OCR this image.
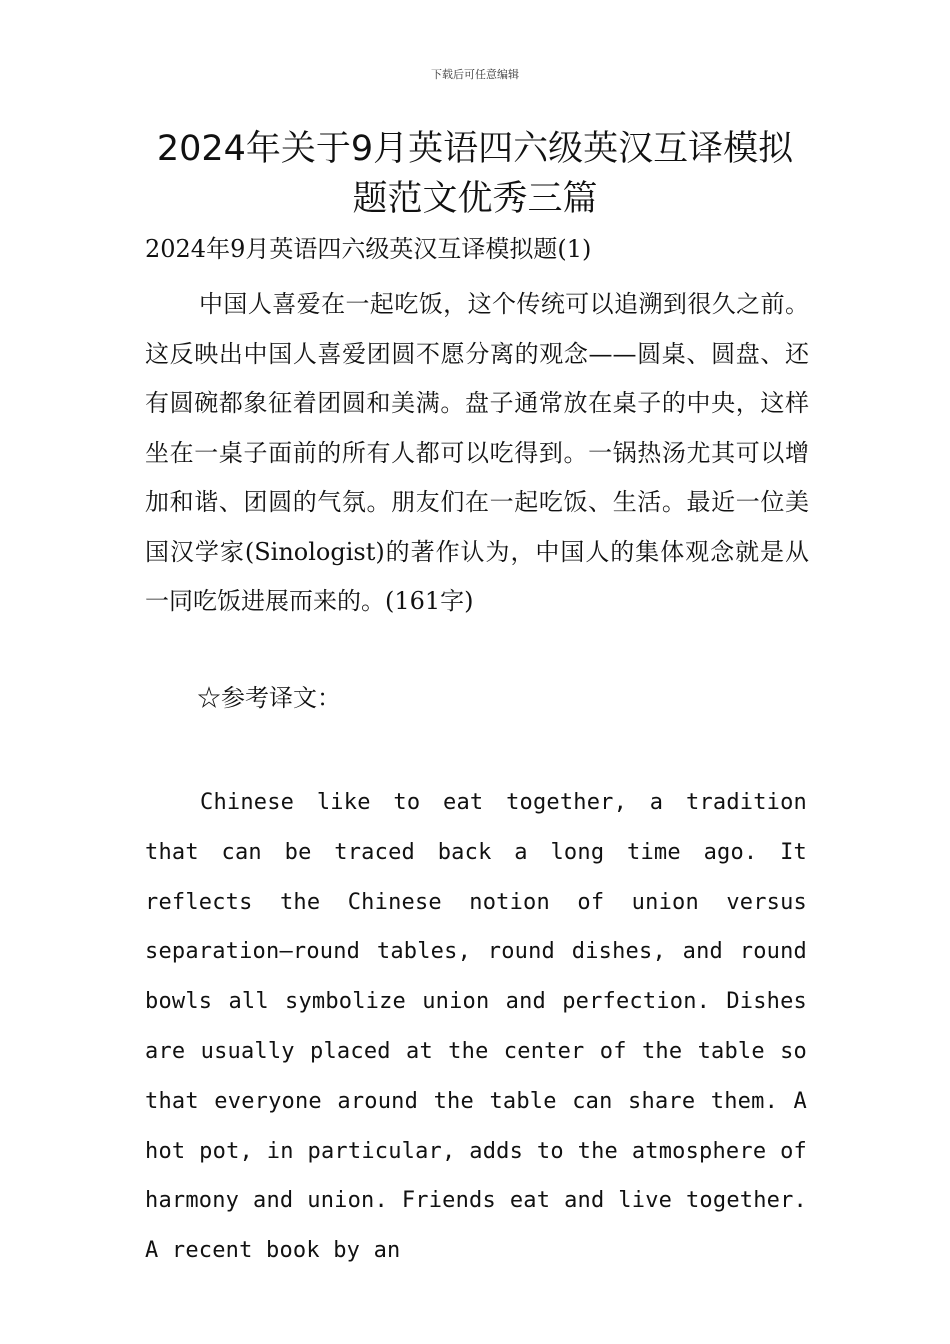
下载后可任意编辑
2024年关于9月英语四六级英汉互译模拟题范文优秀三篇
2024年9月英语四六级英汉互译模拟题(1)

中国人喜爱在一起吃饭，这个传统可以追溯到很久之前。这反映出中国人喜爱团圆不愿分离的观念——圆桌、圆盘、还有圆碗都象征着团圆和美满。盘子通常放在桌子的中央，这样坐在一桌子面前的所有人都可以吃得到。一锅热汤尤其可以增加和谐、团圆的气氛。朋友们在一起吃饭、生活。最近一位美国汉学家(Sinologist)的著作认为，中国人的集体观念就是从一同吃饭进展而来的。(161字)

☆参考译文：

Chinese like to eat together, a tradition that can be traced back a long time ago. It reflects the Chinese notion of union versus separation—round tables, round dishes, and round bowls all symbolize union and perfection. Dishes are usually placed at the center of the table so that everyone around the table can share them. A hot pot, in particular, adds to the atmosphere of harmony and union. Friends eat and live together. A recent book by an
